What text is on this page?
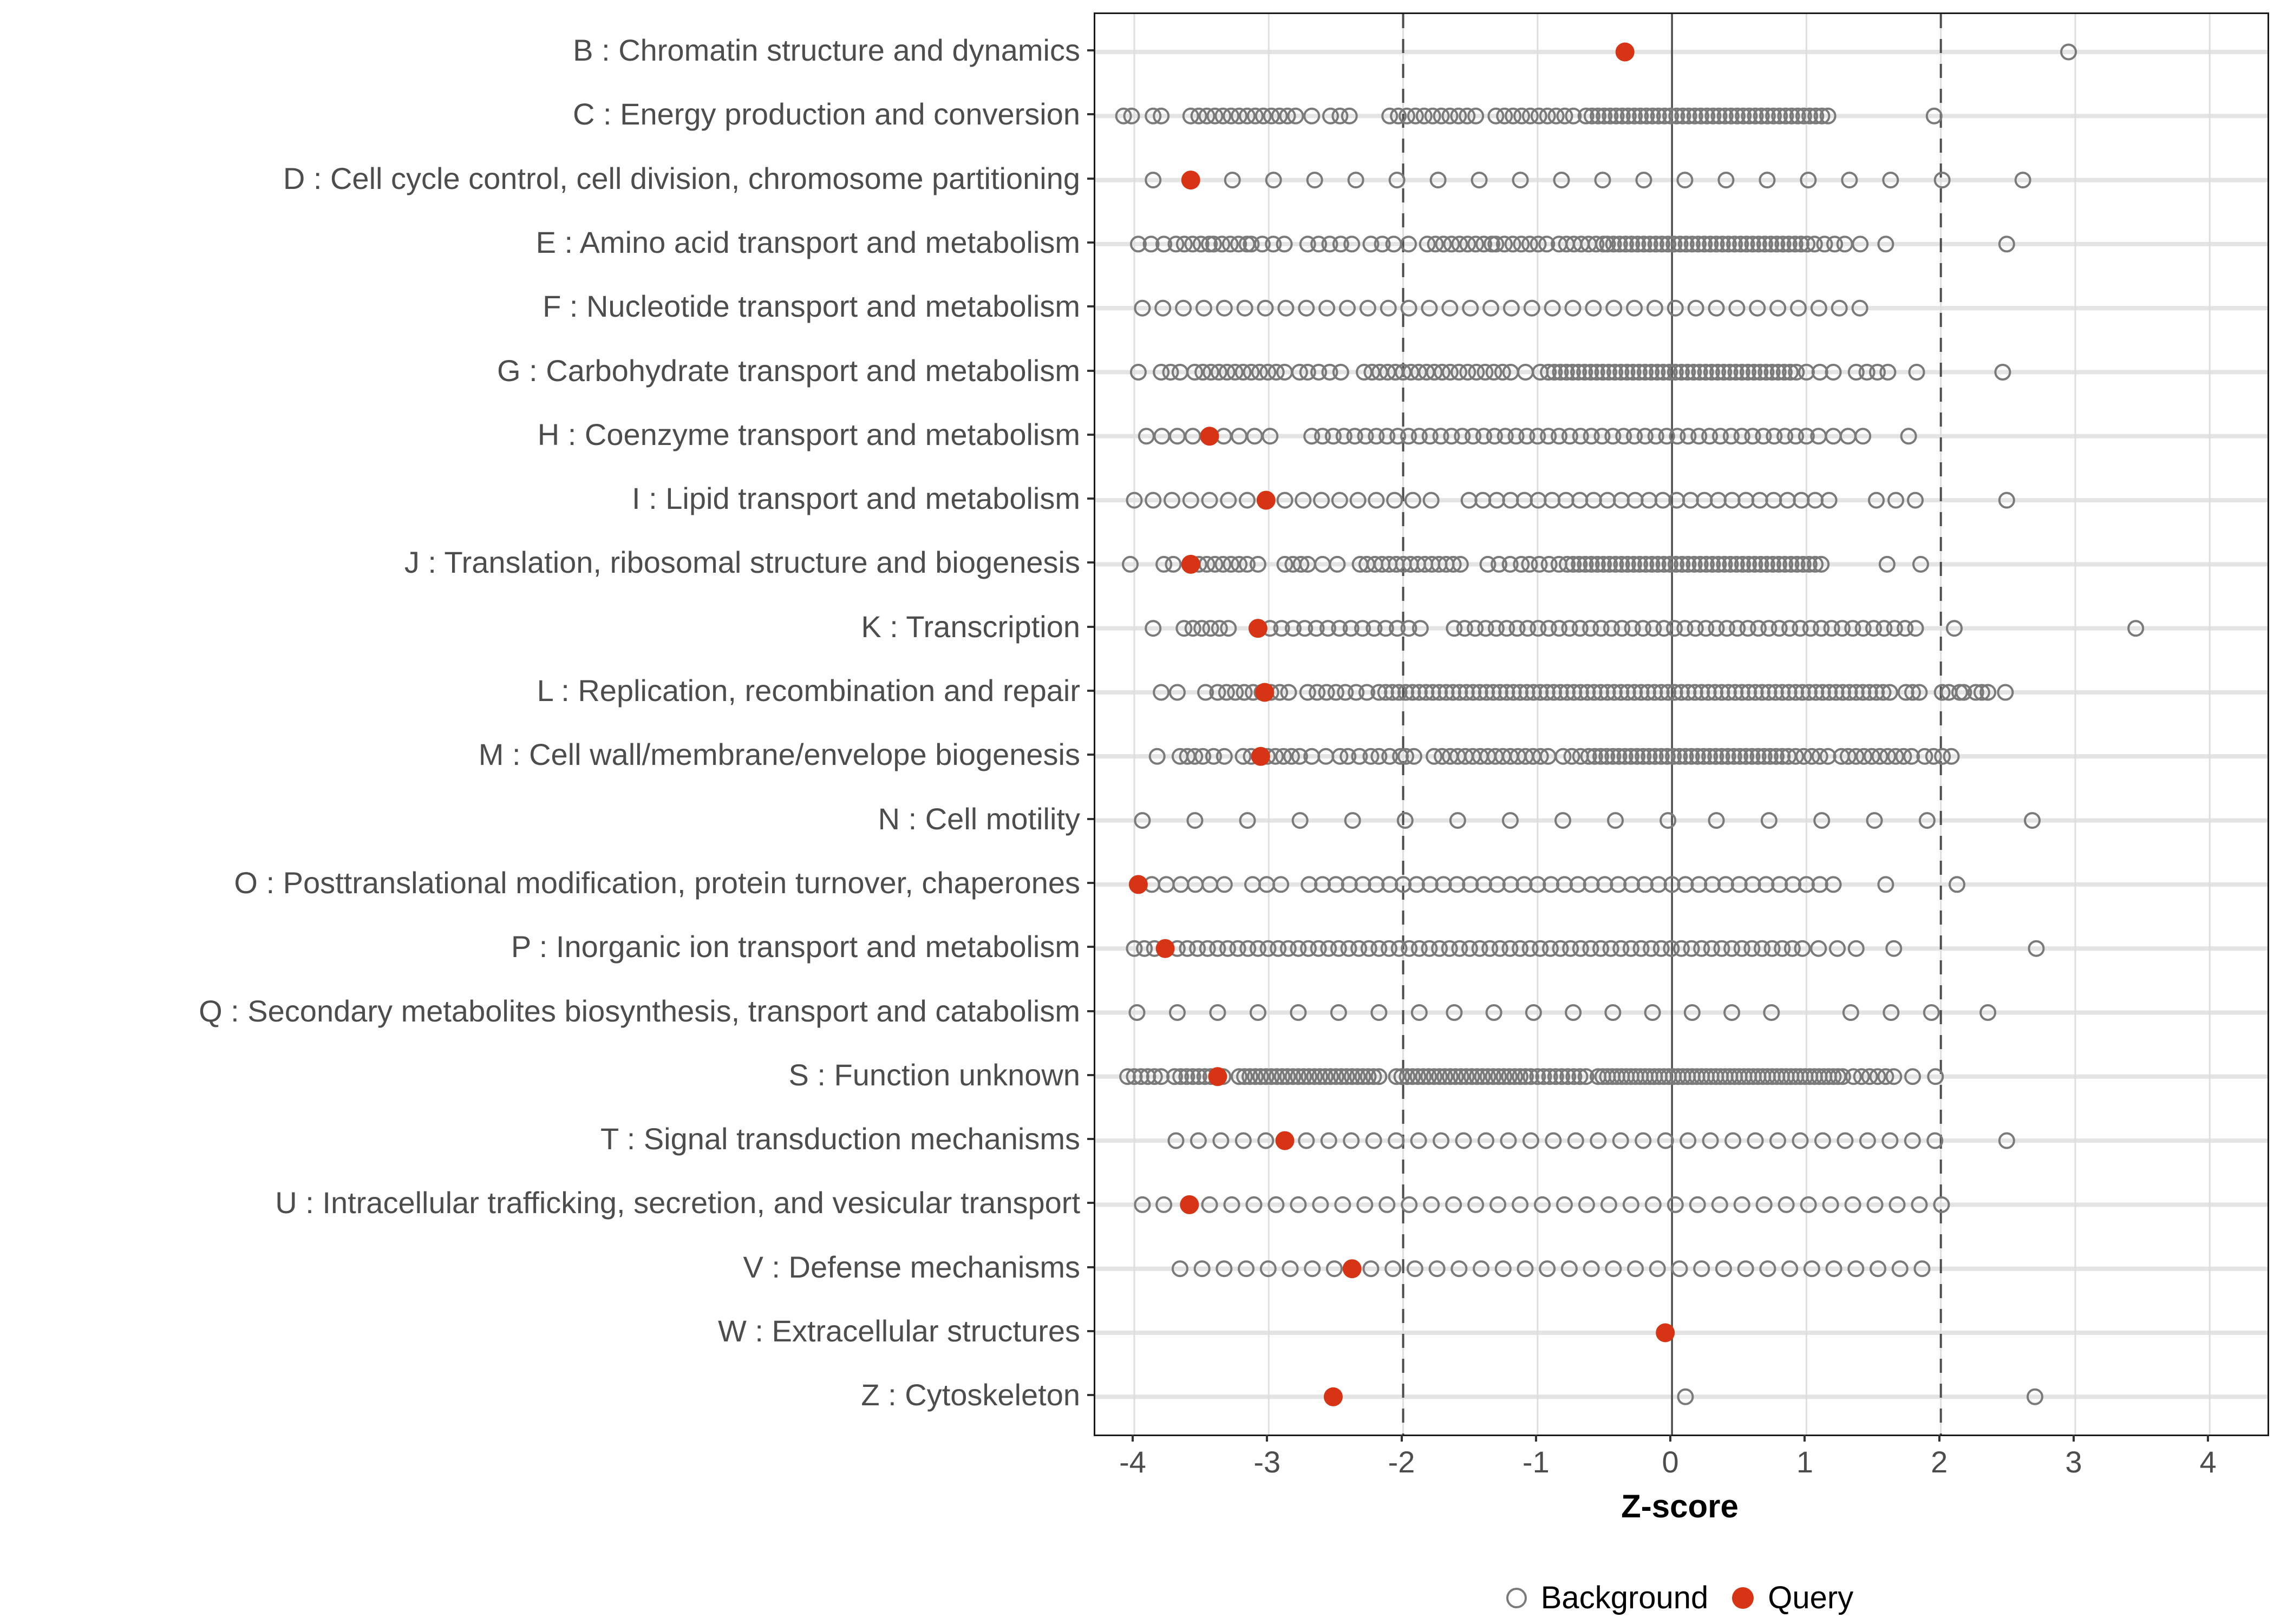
B : Chromatin structure and dynamics
C : Energy production and conversion
D : Cell cycle control, cell division, chromosome partitioning
E : Amino acid transport and metabolism
F : Nucleotide transport and metabolism
G : Carbohydrate transport and metabolism
H : Coenzyme transport and metabolism
I : Lipid transport and metabolism
J : Translation, ribosomal structure and biogenesis
K : Transcription
L : Replication, recombination and repair
M : Cell wall/membrane/envelope biogenesis
N : Cell motility
O : Posttranslational modification, protein turnover, chaperones
P : Inorganic ion transport and metabolism
Q : Secondary metabolites biosynthesis, transport and catabolism
S : Function unknown
T : Signal transduction mechanisms
U : Intracellular trafficking, secretion, and vesicular transport
V : Defense mechanisms
W : Extracellular structures
Z : Cytoskeleton
-4	-3	-2	-1	0	1	2	3	4
Z-score
Background Query
